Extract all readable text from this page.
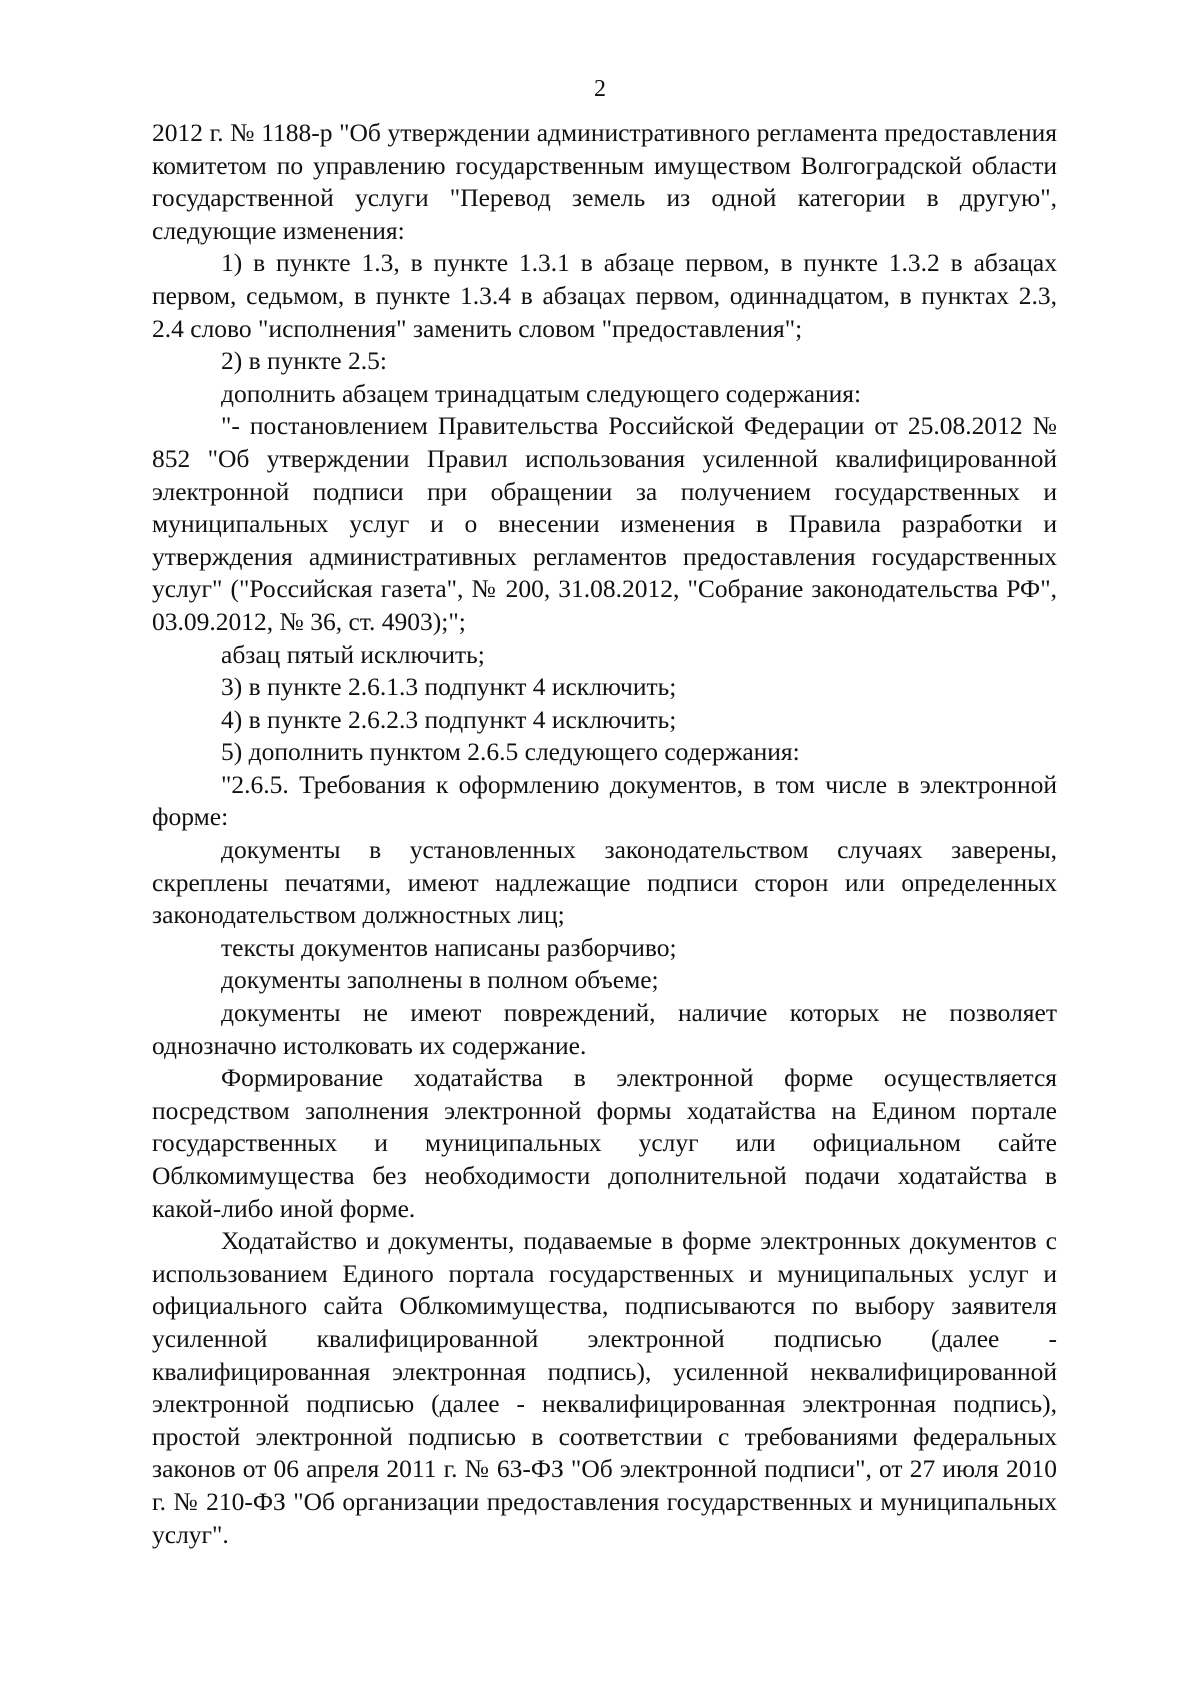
2

2012 г. № 1188-р "Об утверждении административного регламента предоставления комитетом по управлению государственным имуществом Волгоградской области государственной услуги "Перевод земель из одной категории в другую", следующие изменения:

1) в пункте 1.3, в пункте 1.3.1 в абзаце первом, в пункте 1.3.2 в абзацах первом, седьмом, в пункте 1.3.4 в абзацах первом, одиннадцатом, в пунктах 2.3, 2.4 слово "исполнения" заменить словом "предоставления";

2) в пункте 2.5:

дополнить абзацем тринадцатым следующего содержания:

"- постановлением Правительства Российской Федерации от 25.08.2012 № 852 "Об утверждении Правил использования усиленной квалифицированной электронной подписи при обращении за получением государственных и муниципальных услуг и о внесении изменения в Правила разработки и утверждения административных регламентов предоставления государственных услуг" ("Российская газета", № 200, 31.08.2012, "Собрание законодательства РФ", 03.09.2012, № 36, ст. 4903);";

абзац пятый исключить;

3) в пункте 2.6.1.3 подпункт 4 исключить;

4) в пункте 2.6.2.3 подпункт 4 исключить;

5) дополнить пунктом 2.6.5 следующего содержания:

"2.6.5. Требования к оформлению документов, в том числе в электронной форме:

документы в установленных законодательством случаях заверены, скреплены печатями, имеют надлежащие подписи сторон или определенных законодательством должностных лиц;

тексты документов написаны разборчиво;

документы заполнены в полном объеме;

документы не имеют повреждений, наличие которых не позволяет однозначно истолковать их содержание.

Формирование ходатайства в электронной форме осуществляется посредством заполнения электронной формы ходатайства на Едином портале государственных и муниципальных услуг или официальном сайте Облкомимущества без необходимости дополнительной подачи ходатайства в какой-либо иной форме.

Ходатайство и документы, подаваемые в форме электронных документов с использованием Единого портала государственных и муниципальных услуг и официального сайта Облкомимущества, подписываются по выбору заявителя усиленной квалифицированной электронной подписью (далее - квалифицированная электронная подпись), усиленной неквалифицированной электронной подписью (далее - неквалифицированная электронная подпись), простой электронной подписью в соответствии с требованиями федеральных законов от 06 апреля 2011 г. № 63-ФЗ "Об электронной подписи", от 27 июля 2010 г. № 210-ФЗ "Об организации предоставления государственных и муниципальных услуг".
